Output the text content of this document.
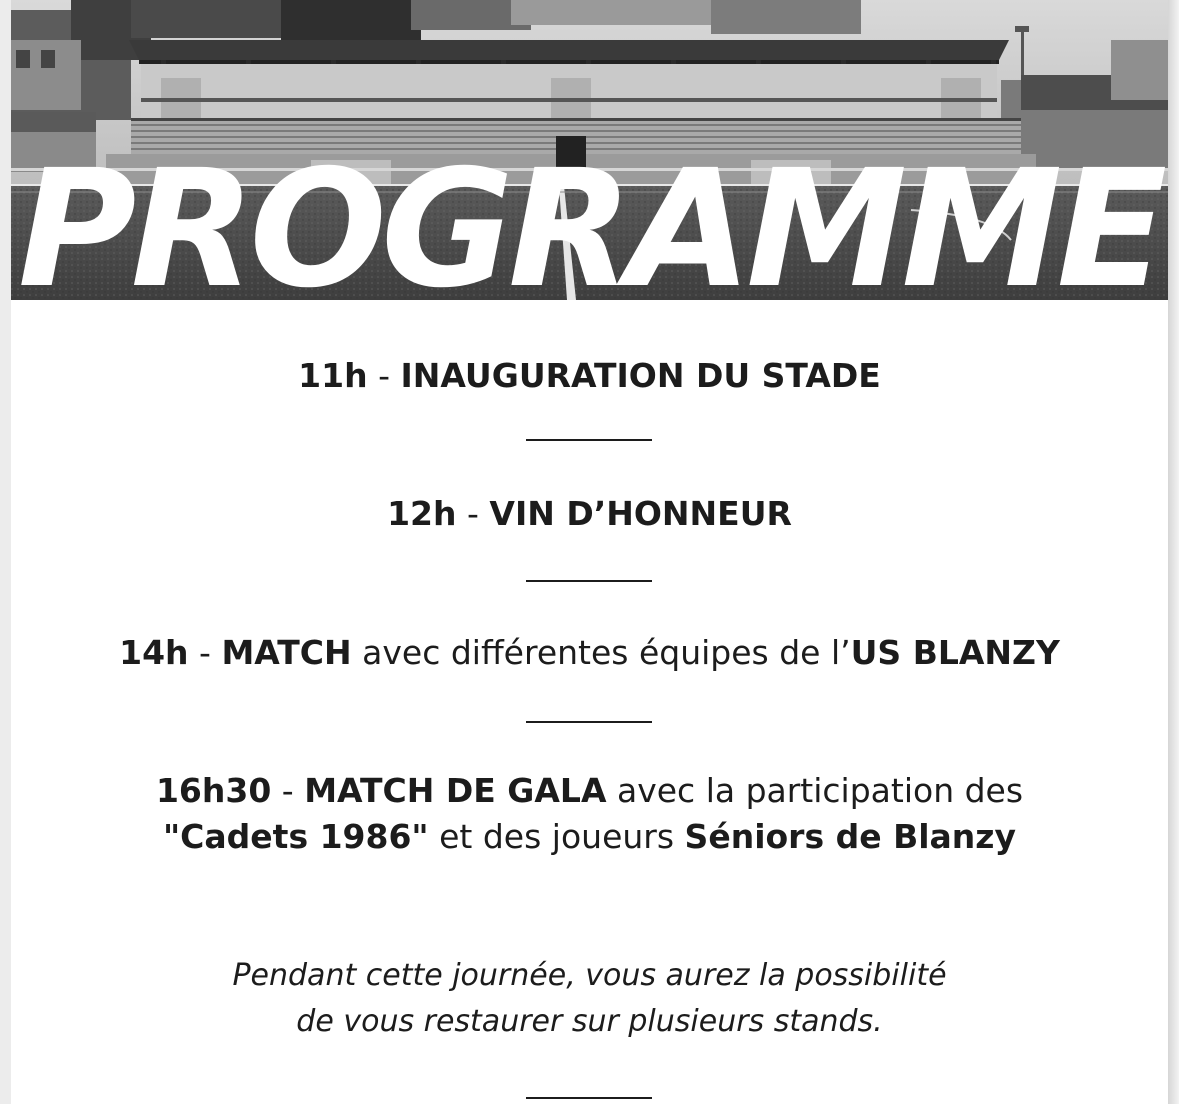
PROGRAMME
11h - INAUGURATION DU STADE
12h - VIN D’HONNEUR
14h - MATCH avec différentes équipes de l’US BLANZY
16h30 - MATCH DE GALA avec la participation des
"Cadets 1986" et des joueurs Séniors de Blanzy
Pendant cette journée, vous aurez la possibilité
de vous restaurer sur plusieurs stands.
